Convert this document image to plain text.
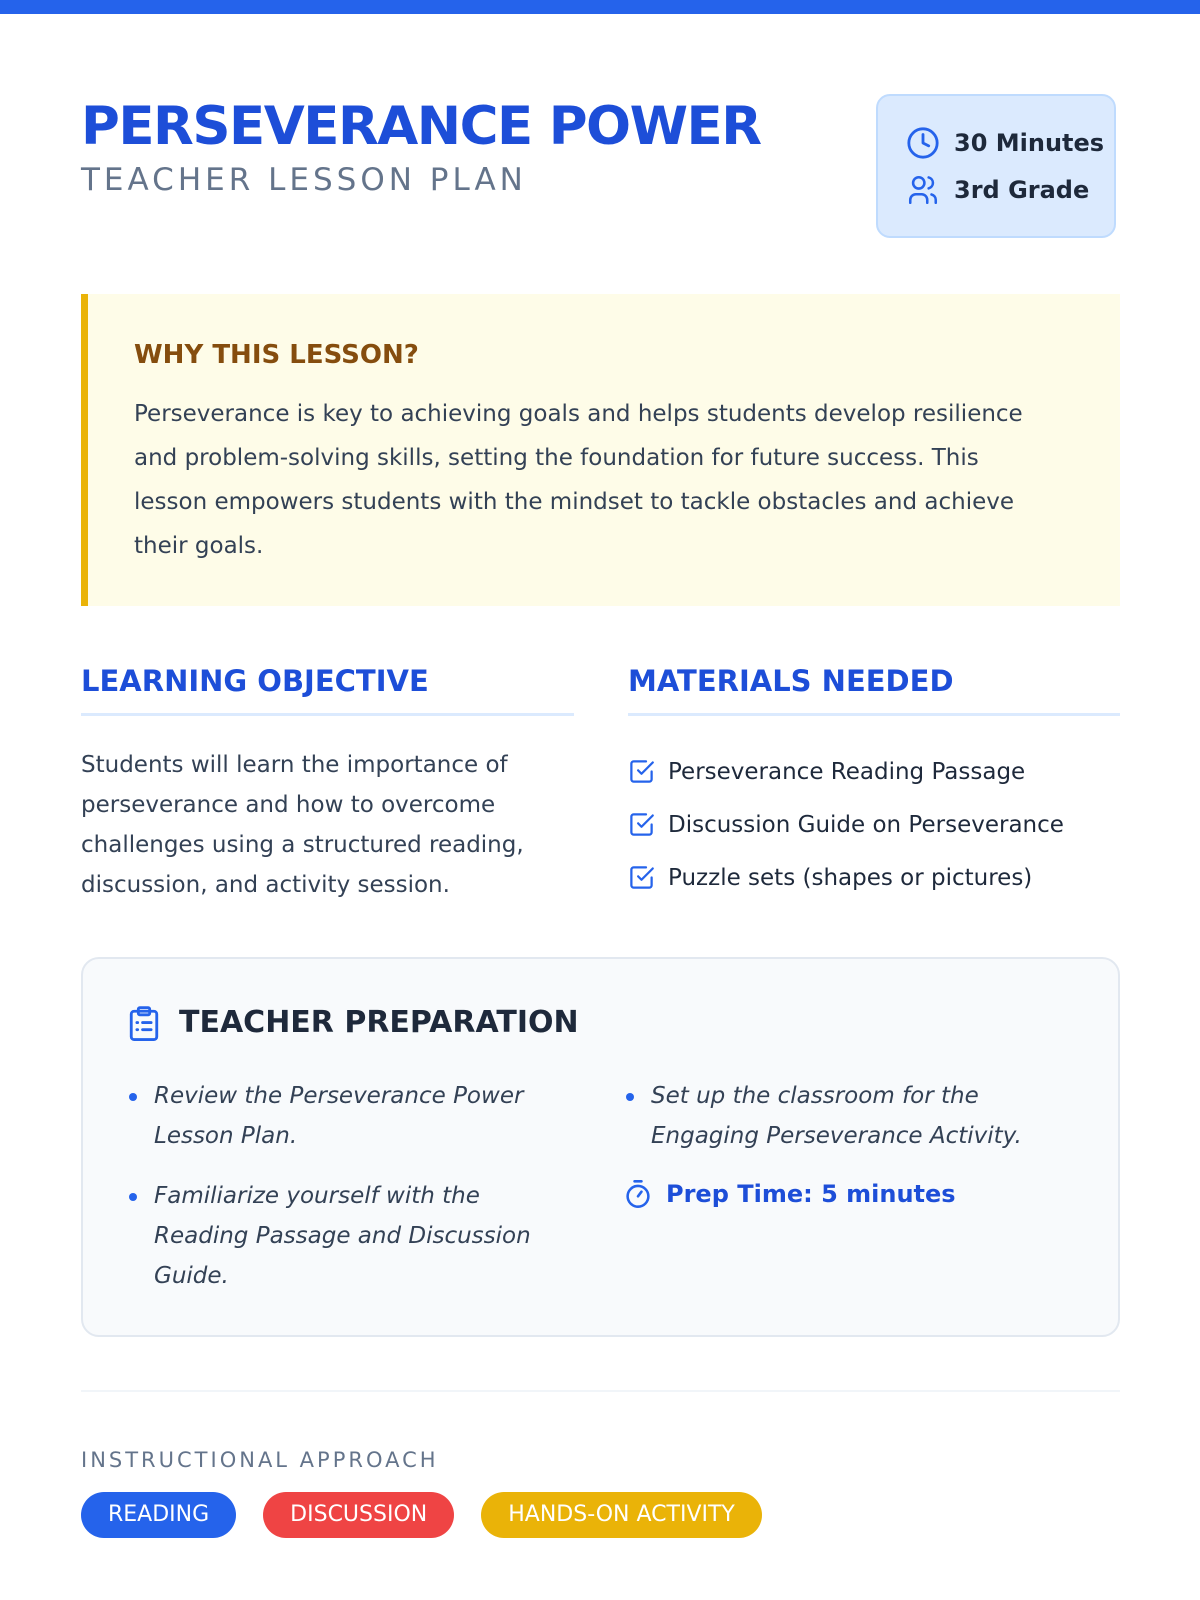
PERSEVERANCE POWER
TEACHER LESSON PLAN
30 Minutes
3rd Grade
WHY THIS LESSON?
Perseverance is key to achieving goals and helps students develop resilience and problem-solving skills, setting the foundation for future success. This lesson empowers students with the mindset to tackle obstacles and achieve their goals.
LEARNING OBJECTIVE
Students will learn the importance of perseverance and how to overcome challenges using a structured reading, discussion, and activity session.
MATERIALS NEEDED
Perseverance Reading Passage
Discussion Guide on Perseverance
Puzzle sets (shapes or pictures)
TEACHER PREPARATION
Review the Perseverance Power Lesson Plan.
Familiarize yourself with the Reading Passage and Discussion Guide.
Set up the classroom for the Engaging Perseverance Activity.
Prep Time: 5 minutes
INSTRUCTIONAL APPROACH
READING	DISCUSSION	HANDS-ON ACTIVITY
